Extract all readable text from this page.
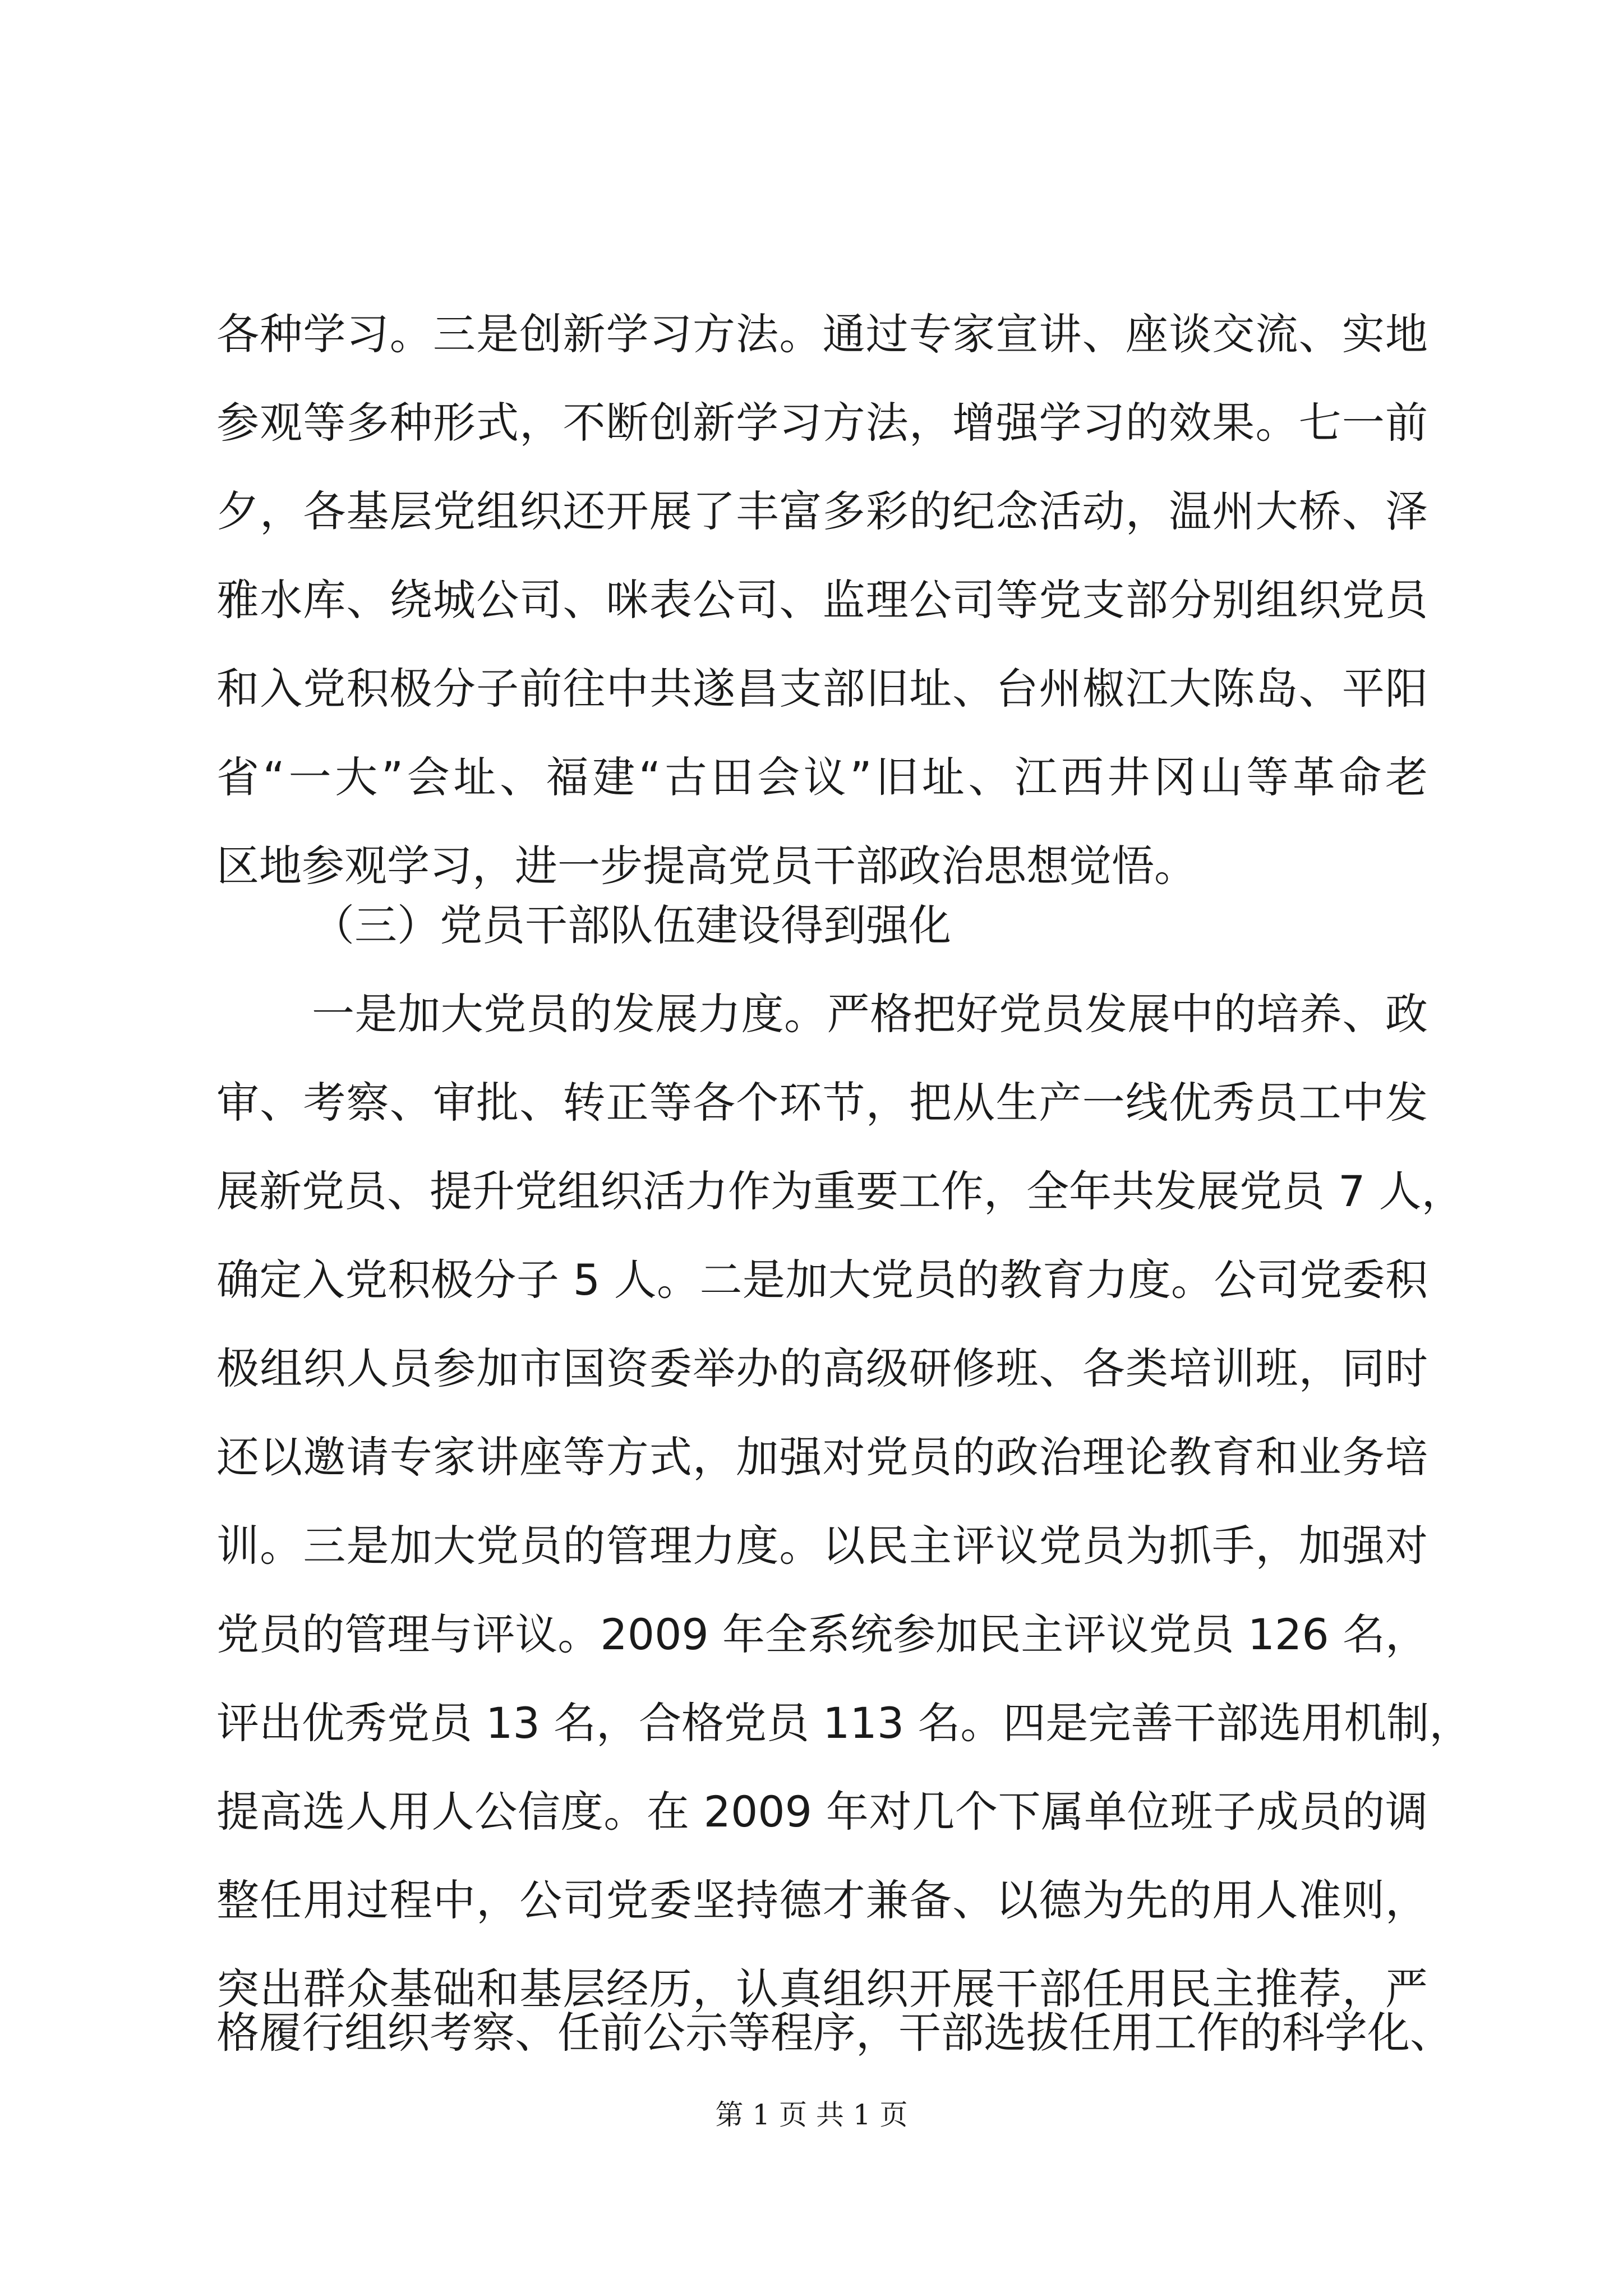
各种学习。三是创新学习方法。通过专家宣讲、座谈交流、实地
参观等多种形式，不断创新学习方法，增强学习的效果。七一前
夕，各基层党组织还开展了丰富多彩的纪念活动，温州大桥、泽
雅水库、绕城公司、咪表公司、监理公司等党支部分别组织党员
和入党积极分子前往中共遂昌支部旧址、台州椒江大陈岛、平阳
省“一大”会址、福建“古田会议”旧址、江西井冈山等革命老
区地参观学习，进一步提高党员干部政治思想觉悟。
（三）党员干部队伍建设得到强化
一是加大党员的发展力度。严格把好党员发展中的培养、政
审、考察、审批、转正等各个环节，把从生产一线优秀员工中发
展新党员、提升党组织活力作为重要工作，全年共发展党员 7 人，
确定入党积极分子 5 人。二是加大党员的教育力度。公司党委积
极组织人员参加市国资委举办的高级研修班、各类培训班，同时
还以邀请专家讲座等方式，加强对党员的政治理论教育和业务培
训。三是加大党员的管理力度。以民主评议党员为抓手，加强对
党员的管理与评议。2009 年全系统参加民主评议党员 126 名，
评出优秀党员 13 名，合格党员 113 名。四是完善干部选用机制，
提高选人用人公信度。在 2009 年对几个下属单位班子成员的调
整任用过程中，公司党委坚持德才兼备、以德为先的用人准则，
突出群众基础和基层经历，认真组织开展干部任用民主推荐，严
格履行组织考察、任前公示等程序，干部选拔任用工作的科学化、
第 1 页 共 1 页
